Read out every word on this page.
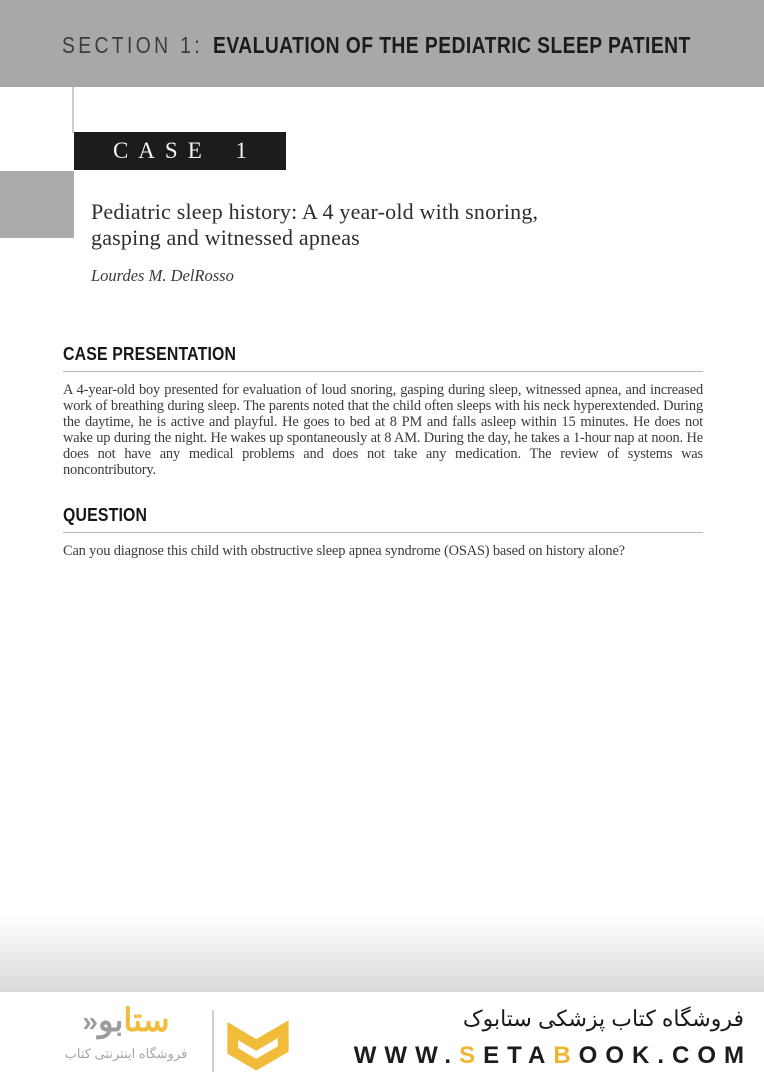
SECTION 1: EVALUATION OF THE PEDIATRIC SLEEP PATIENT
CASE 1
Pediatric sleep history: A 4 year-old with snoring,
gasping and witnessed apneas
Lourdes M. DelRosso
CASE PRESENTATION

A 4-year-old boy presented for evaluation of loud snoring, gasping during sleep, witnessed apnea, and increased work of breathing during sleep. The parents noted that the child often sleeps with his neck hyperextended. During the daytime, he is active and playful. He goes to bed at 8 PM and falls asleep within 15 minutes. He does not wake up during the night. He wakes up spontaneously at 8 AM. During the day, he takes a 1-hour nap at noon. He does not have any medical problems and does not take any medication. The review of systems was noncontributory.

QUESTION

Can you diagnose this child with obstructive sleep apnea syndrome (OSAS) based on history alone?

ستابو«
فروشگاه اینترنتی کتاب
فروشگاه کتاب پزشکی ستابوک
WWW.SETABOOK.COM
